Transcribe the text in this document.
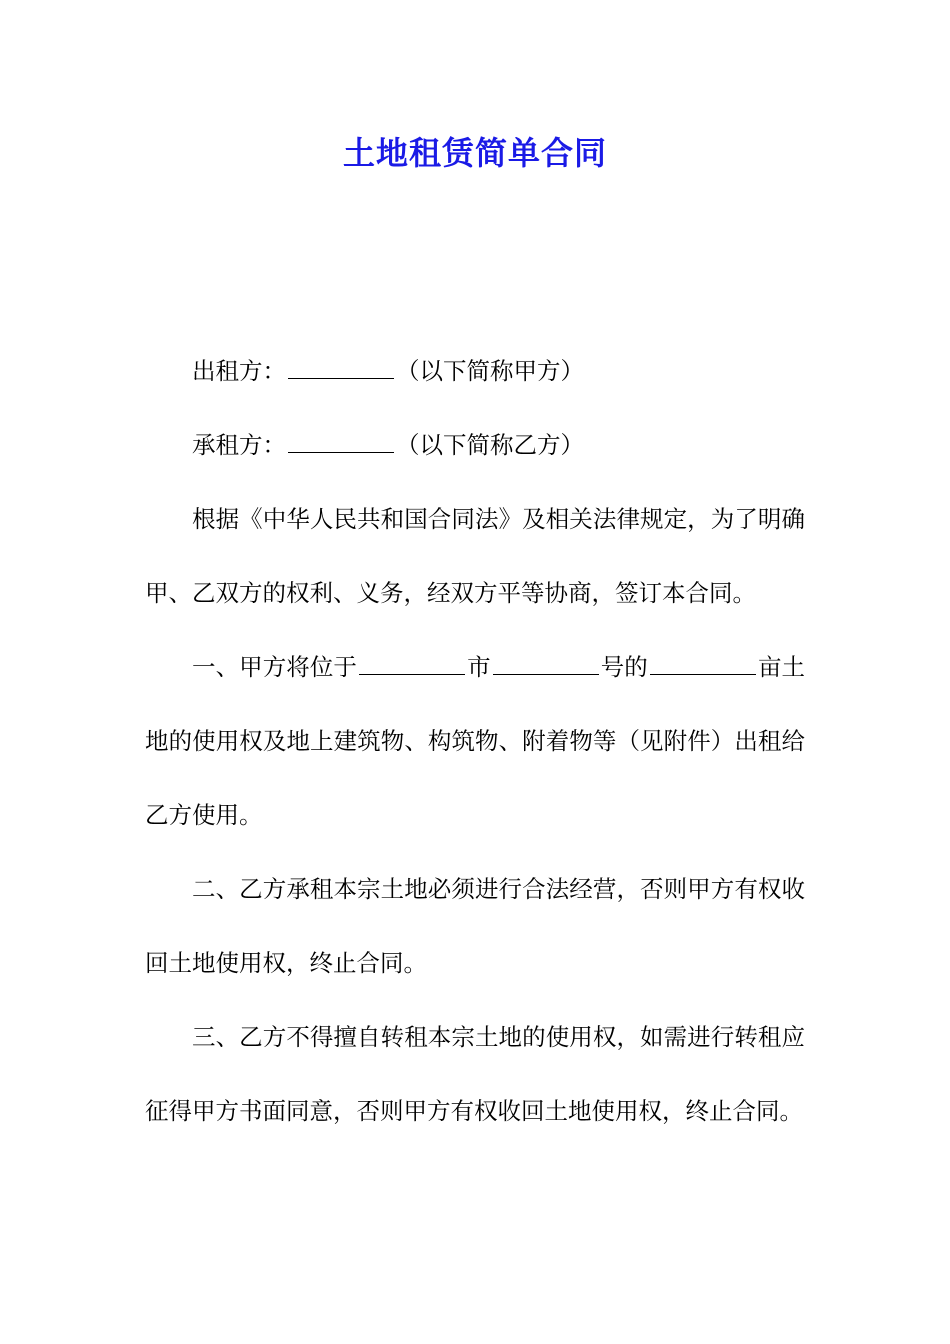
土地租赁简单合同

出租方：	（以下简称甲方）

承租方：	（以下简称乙方）

根据《中华人民共和国合同法》及相关法律规定，为了明确甲、乙双方的权利、义务，经双方平等协商，签订本合同。

一、甲方将位于	市	号的	亩土地的使用权及地上建筑物、构筑物、附着物等（见附件）出租给乙方使用。

二、乙方承租本宗土地必须进行合法经营，否则甲方有权收回土地使用权，终止合同。

三、乙方不得擅自转租本宗土地的使用权，如需进行转租应征得甲方书面同意，否则甲方有权收回土地使用权，终止合同。
